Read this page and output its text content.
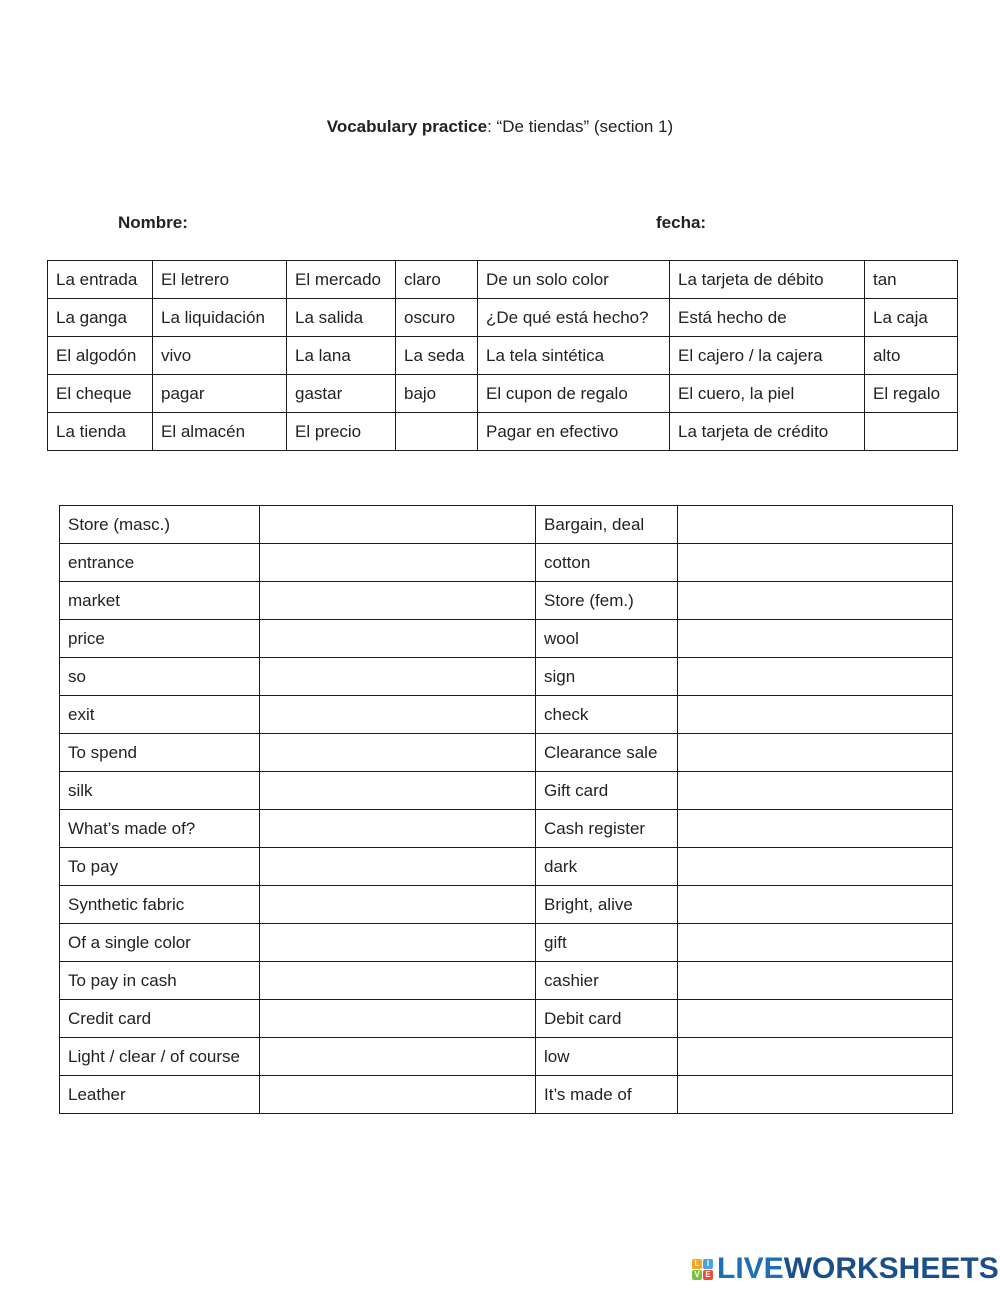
Vocabulary practice: “De tiendas” (section 1)

Nombre:	fecha:
La entrada	El letrero	El mercado	claro	De un solo color	La tarjeta de débito	tan
La ganga	La liquidación	La salida	oscuro	¿De qué está hecho?	Está hecho de	La caja
El algodón	vivo	La lana	La seda	La tela sintética	El cajero / la cajera	alto
El cheque	pagar	gastar	bajo	El cupon de regalo	El cuero, la piel	El regalo
La tienda	El almacén	El precio		Pagar en efectivo	La tarjeta de crédito	
Store (masc.)		Bargain, deal	
entrance		cotton	
market		Store (fem.)	
price		wool	
so		sign	
exit		check	
To spend		Clearance sale	
silk		Gift card	
What’s made of?		Cash register	
To pay		dark	
Synthetic fabric		Bright, alive	
Of a single color		gift	
To pay in cash		cashier	
Credit card		Debit card	
Light / clear / of course		low	
Leather		It’s made of	
L I
V E LIVEWORKSHEETS
